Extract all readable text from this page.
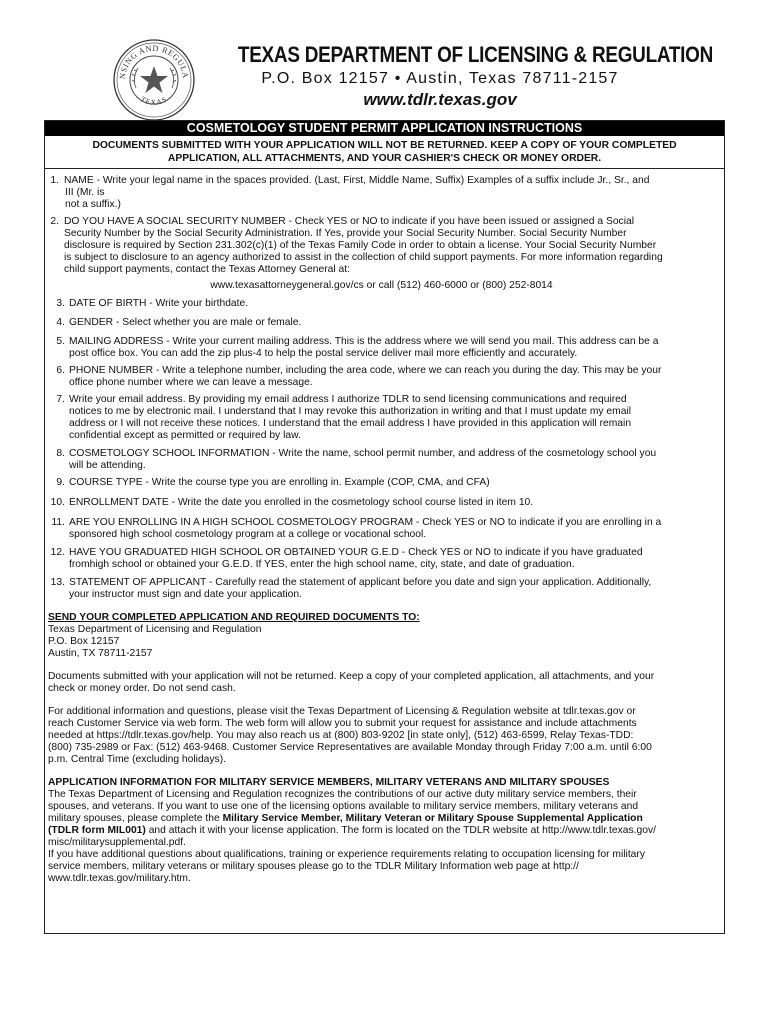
NSING AND REGULA
TEXAS
TEXAS DEPARTMENT OF LICENSING & REGULATION
P.O. Box 12157 • Austin, Texas 78711-2157
www.tdlr.texas.gov
COSMETOLOGY STUDENT PERMIT APPLICATION INSTRUCTIONS
DOCUMENTS SUBMITTED WITH YOUR APPLICATION WILL NOT BE RETURNED. KEEP A COPY OF YOUR COMPLETED
APPLICATION, ALL ATTACHMENTS, AND YOUR CASHIER'S CHECK OR MONEY ORDER.
1. NAME - Write your legal name in the spaces provided. (Last, First, Middle Name, Suffix) Examples of a suffix include Jr., Sr., and
III (Mr. is
not a suffix.)
2. DO YOU HAVE A SOCIAL SECURITY NUMBER - Check YES or NO to indicate if you have been issued or assigned a Social
Security Number by the Social Security Administration. If Yes, provide your Social Security Number. Social Security Number
disclosure is required by Section 231.302(c)(1) of the Texas Family Code in order to obtain a license. Your Social Security Number
is subject to disclosure to an agency authorized to assist in the collection of child support payments. For more information regarding
child support payments, contact the Texas Attorney General at:
www.texasattorneygeneral.gov/cs or call (512) 460-6000 or (800) 252-8014
3. DATE OF BIRTH - Write your birthdate.
4. GENDER - Select whether you are male or female.
5. MAILING ADDRESS - Write your current mailing address. This is the address where we will send you mail. This address can be a
post office box. You can add the zip plus-4 to help the postal service deliver mail more efficiently and accurately.
6. PHONE NUMBER - Write a telephone number, including the area code, where we can reach you during the day. This may be your
office phone number where we can leave a message.
7. Write your email address. By providing my email address I authorize TDLR to send licensing communications and required
notices to me by electronic mail. I understand that I may revoke this authorization in writing and that I must update my email
address or I will not receive these notices. I understand that the email address I have provided in this application will remain
confidential except as permitted or required by law.
8. COSMETOLOGY SCHOOL INFORMATION - Write the name, school permit number, and address of the cosmetology school you
will be attending.
9. COURSE TYPE - Write the course type you are enrolling in. Example (COP, CMA, and CFA)
10. ENROLLMENT DATE - Write the date you enrolled in the cosmetology school course listed in item 10.
11. ARE YOU ENROLLING IN A HIGH SCHOOL COSMETOLOGY PROGRAM - Check YES or NO to indicate if you are enrolling in a
sponsored high school cosmetology program at a college or vocational school.
12. HAVE YOU GRADUATED HIGH SCHOOL OR OBTAINED YOUR G.E.D - Check YES or NO to indicate if you have graduated
fromhigh school or obtained your G.E.D. If YES, enter the high school name, city, state, and date of graduation.
13. STATEMENT OF APPLICANT - Carefully read the statement of applicant before you date and sign your application. Additionally,
your instructor must sign and date your application.
SEND YOUR COMPLETED APPLICATION AND REQUIRED DOCUMENTS TO:
Texas Department of Licensing and Regulation
P.O. Box 12157
Austin, TX 78711-2157
Documents submitted with your application will not be returned. Keep a copy of your completed application, all attachments, and your
check or money order. Do not send cash.
For additional information and questions, please visit the Texas Department of Licensing & Regulation website at tdlr.texas.gov or
reach Customer Service via web form. The web form will allow you to submit your request for assistance and include attachments
needed at https://tdlr.texas.gov/help. You may also reach us at (800) 803-9202 [in state only], (512) 463-6599, Relay Texas-TDD:
(800) 735-2989 or Fax: (512) 463-9468. Customer Service Representatives are available Monday through Friday 7:00 a.m. until 6:00
p.m. Central Time (excluding holidays).
APPLICATION INFORMATION FOR MILITARY SERVICE MEMBERS, MILITARY VETERANS AND MILITARY SPOUSES
The Texas Department of Licensing and Regulation recognizes the contributions of our active duty military service members, their
spouses, and veterans. If you want to use one of the licensing options available to military service members, military veterans and
military spouses, please complete the Military Service Member, Military Veteran or Military Spouse Supplemental Application
(TDLR form MIL001) and attach it with your license application. The form is located on the TDLR website at http://www.tdlr.texas.gov/
misc/militarysupplemental.pdf.
If you have additional questions about qualifications, training or experience requirements relating to occupation licensing for military
service members, military veterans or military spouses please go to the TDLR Military Information web page at http://
www.tdlr.texas.gov/military.htm.
